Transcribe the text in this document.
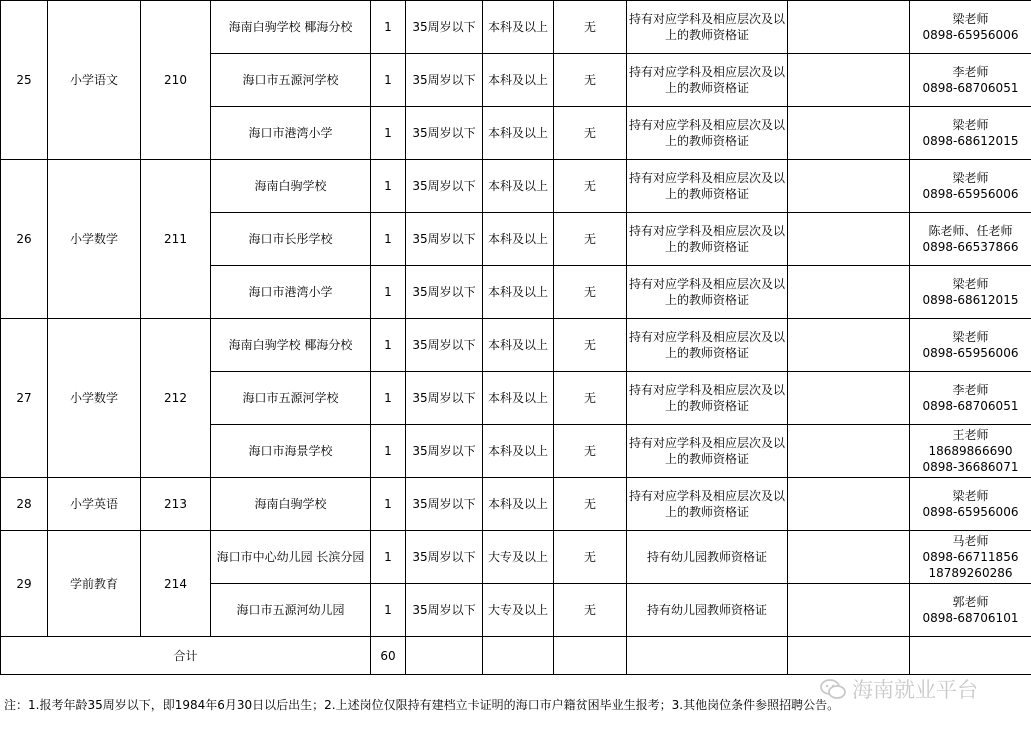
25	小学语文	210	海南白驹学校 椰海分校	1	35周岁以下	本科及以上	无	持有对应学科及相应层次及以上的教师资格证		梁老师
0898-65956006

			海口市五源河学校	1	35周岁以下	本科及以上	无	持有对应学科及相应层次及以上的教师资格证		李老师
0898-68706051

			海口市港湾小学	1	35周岁以下	本科及以上	无	持有对应学科及相应层次及以上的教师资格证		梁老师
0898-68612015

26	小学数学	211	海南白驹学校	1	35周岁以下	本科及以上	无	持有对应学科及相应层次及以上的教师资格证		梁老师
0898-65956006

			海口市长彤学校	1	35周岁以下	本科及以上	无	持有对应学科及相应层次及以上的教师资格证		陈老师、任老师
0898-66537866

			海口市港湾小学	1	35周岁以下	本科及以上	无	持有对应学科及相应层次及以上的教师资格证		梁老师
0898-68612015

27	小学数学	212	海南白驹学校 椰海分校	1	35周岁以下	本科及以上	无	持有对应学科及相应层次及以上的教师资格证		梁老师
0898-65956006

			海口市五源河学校	1	35周岁以下	本科及以上	无	持有对应学科及相应层次及以上的教师资格证		李老师
0898-68706051

			海口市海景学校	1	35周岁以下	本科及以上	无	持有对应学科及相应层次及以上的教师资格证		王老师
18689866690
0898-36686071

28	小学英语	213	海南白驹学校	1	35周岁以下	本科及以上	无	持有对应学科及相应层次及以上的教师资格证		梁老师
0898-65956006

29	学前教育	214	海口市中心幼儿园 长滨分园	1	35周岁以下	大专及以上	无	持有幼儿园教师资格证		马老师
0898-66711856
18789260286

			海口市五源河幼儿园	1	35周岁以下	大专及以上	无	持有幼儿园教师资格证		郭老师
0898-68706101

合计				60						
注：1.报考年龄35周岁以下，即1984年6月30日以后出生；2.上述岗位仅限持有建档立卡证明的海口市户籍贫困毕业生报考；3.其他岗位条件参照招聘公告。
海南就业平台
